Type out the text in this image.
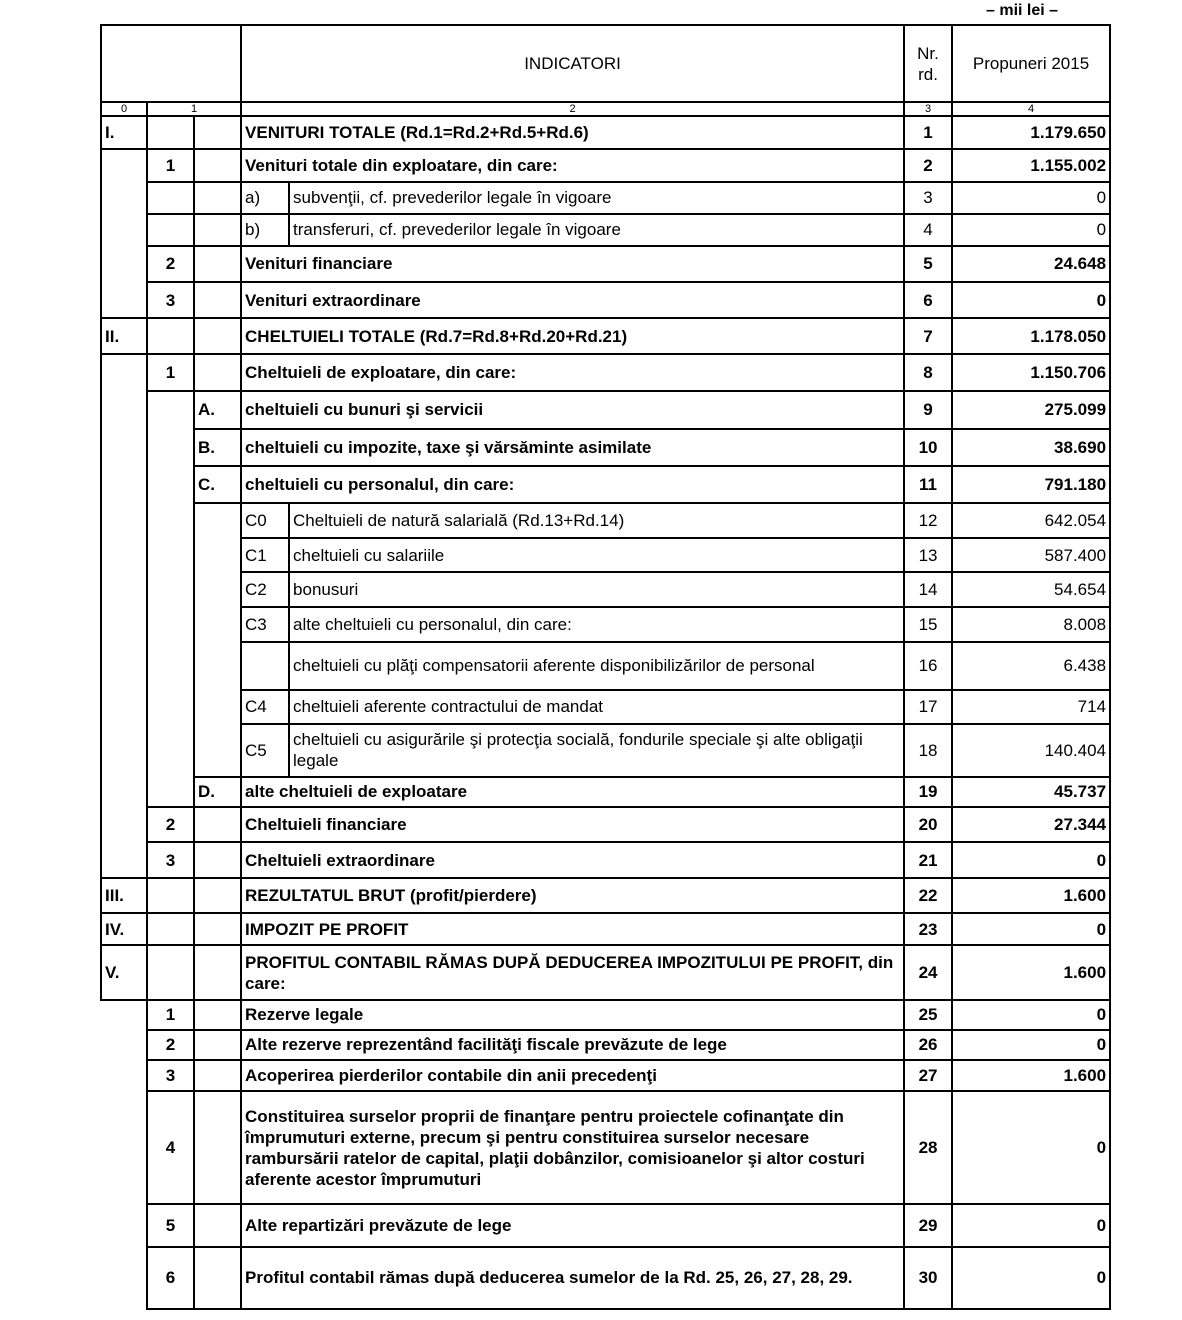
– mii lei –
			INDICATORI		Nr. rd.	Propuneri 2015
0	1		2		3	4
I.			VENITURI TOTALE (Rd.1=Rd.2+Rd.5+Rd.6)		1	1.179.650
	1		Venituri totale din exploatare, din care:		2	1.155.002
			a)	subvenţii, cf. prevederilor legale în vigoare	3	0
			b)	transferuri, cf. prevederilor legale în vigoare	4	0
	2		Venituri financiare		5	24.648
	3		Venituri extraordinare		6	0
II.			CHELTUIELI TOTALE (Rd.7=Rd.8+Rd.20+Rd.21)		7	1.178.050
	1		Cheltuieli de exploatare, din care:		8	1.150.706
		A.	cheltuieli cu bunuri şi servicii		9	275.099
		B.	cheltuieli cu impozite, taxe şi vărsăminte asimilate		10	38.690
		C.	cheltuieli cu personalul, din care:		11	791.180
			C0	Cheltuieli de natură salarială (Rd.13+Rd.14)	12	642.054
			C1	cheltuieli cu salariile	13	587.400
			C2	bonusuri	14	54.654
			C3	alte cheltuieli cu personalul, din care:	15	8.008
				cheltuieli cu plăţi compensatorii aferente disponibilizărilor de personal	16	6.438
			C4	cheltuieli aferente contractului de mandat	17	714
			C5	cheltuieli cu asigurările şi protecţia socială, fondurile speciale şi alte obligaţii legale	18	140.404
		D.	alte cheltuieli de exploatare		19	45.737
	2		Cheltuieli financiare		20	27.344
	3		Cheltuieli extraordinare		21	0
III.			REZULTATUL BRUT (profit/pierdere)		22	1.600
IV.			IMPOZIT PE PROFIT		23	0
V.			PROFITUL CONTABIL RĂMAS DUPĂ DEDUCEREA IMPOZITULUI PE PROFIT, din care:		24	1.600
	1		Rezerve legale		25	0
	2		Alte rezerve reprezentând facilităţi fiscale prevăzute de lege		26	0
	3		Acoperirea pierderilor contabile din anii precedenţi		27	1.600
	4		Constituirea surselor proprii de finanţare pentru proiectele cofinanţate din împrumuturi externe, precum şi pentru constituirea surselor necesare rambursării ratelor de capital, plaţii dobânzilor, comisioanelor şi altor costuri aferente acestor împrumuturi		28	0
	5		Alte repartizări prevăzute de lege		29	0
	6		Profitul contabil rămas după deducerea sumelor de la Rd. 25, 26, 27, 28, 29.		30	0
